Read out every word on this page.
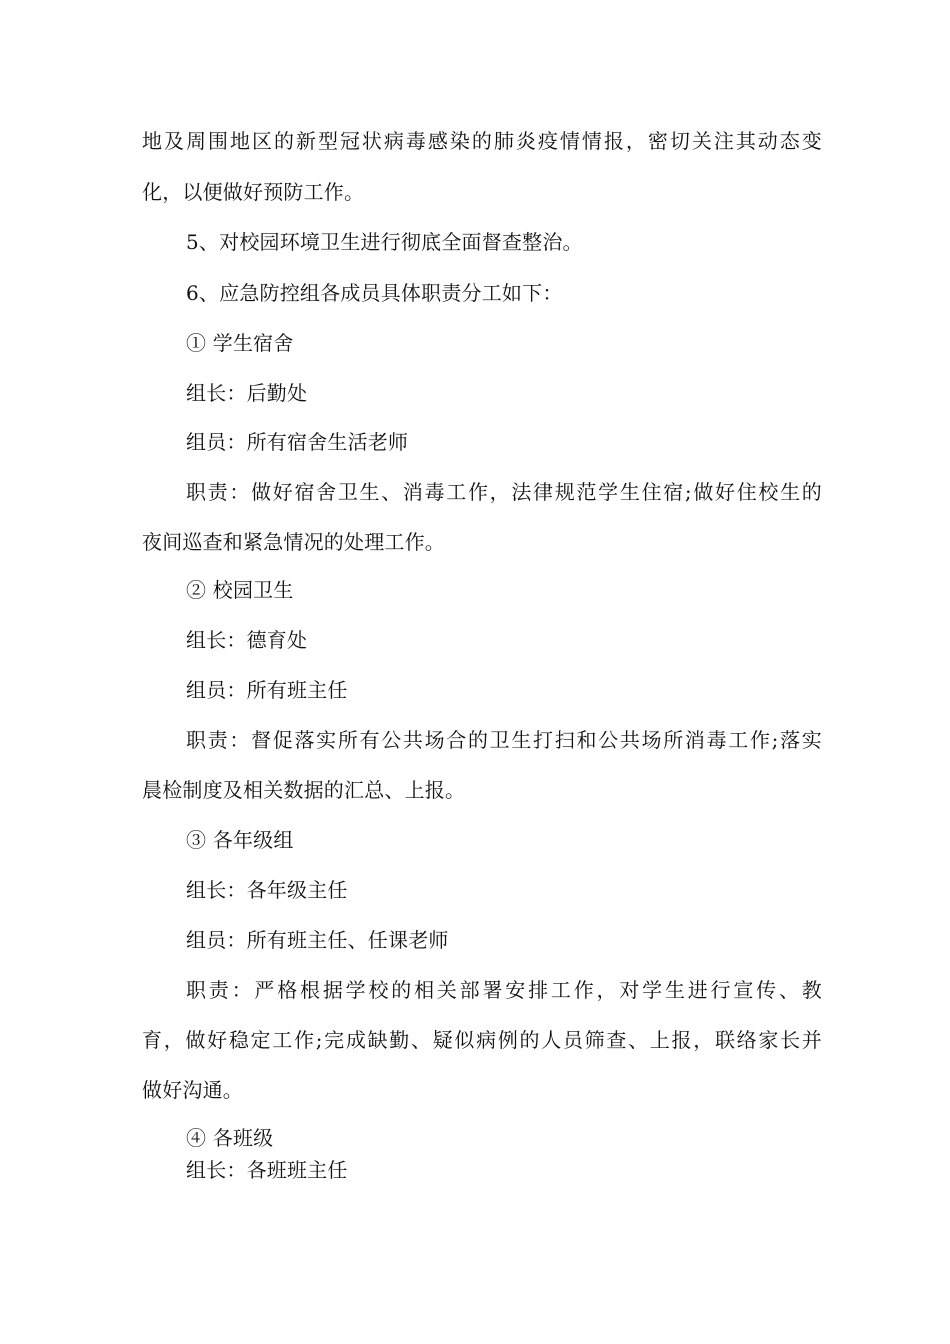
地及周围地区的新型冠状病毒感染的肺炎疫情情报，密切关注其动态变
化，以便做好预防工作。
5、对校园环境卫生进行彻底全面督查整治。
6、应急防控组各成员具体职责分工如下：
① 学生宿舍
组长：后勤处
组员：所有宿舍生活老师
职责：做好宿舍卫生、消毒工作，法律规范学生住宿;做好住校生的
夜间巡查和紧急情况的处理工作。
② 校园卫生
组长：德育处
组员：所有班主任
职责：督促落实所有公共场合的卫生打扫和公共场所消毒工作;落实
晨检制度及相关数据的汇总、上报。
③ 各年级组
组长：各年级主任
组员：所有班主任、任课老师
职责：严格根据学校的相关部署安排工作，对学生进行宣传、教
育，做好稳定工作;完成缺勤、疑似病例的人员筛查、上报，联络家长并
做好沟通。
④ 各班级
组长：各班班主任
